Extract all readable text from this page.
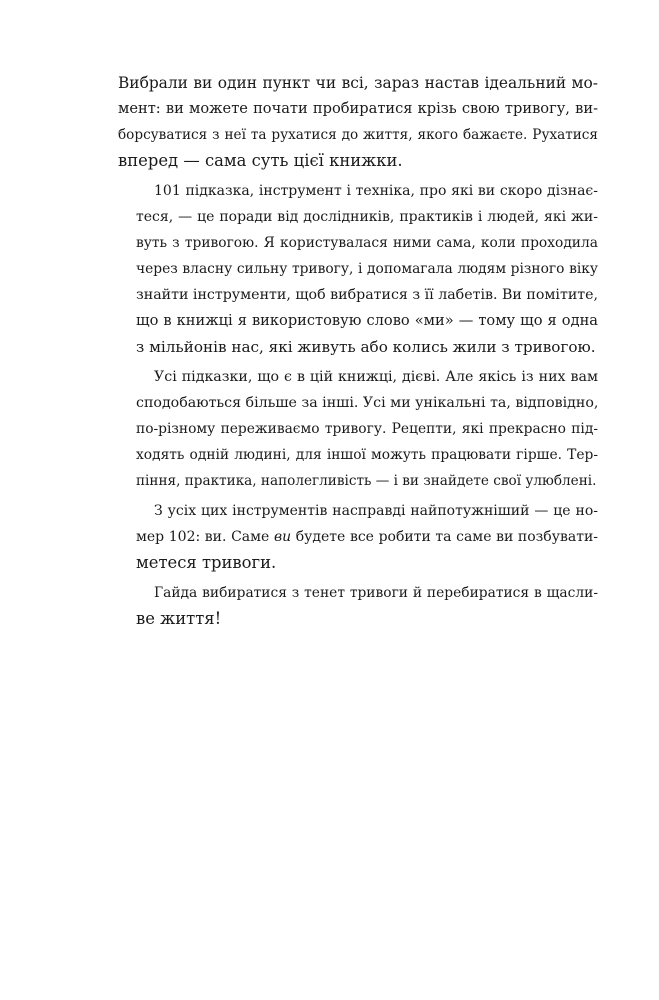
Вибрали ви один пункт чи всі, зараз настав ідеальний мо-
мент: ви можете почати пробиратися крізь свою тривогу, ви-
борсуватися з неї та рухатися до життя, якого бажаєте. Рухатися
вперед — сама суть цієї книжки.
101 підказка, інструмент і техніка, про які ви скоро дізнає-
теся, — це поради від дослідників, практиків і людей, які жи-
вуть з тривогою. Я користувалася ними сама, коли проходила
через власну сильну тривогу, і допомагала людям різного віку
знайти інструменти, щоб вибратися з її лабетів. Ви помітите,
що в книжці я використовую слово «ми» — тому що я одна
з мільйонів нас, які живуть або колись жили з тривогою.
Усі підказки, що є в цій книжці, дієві. Але якісь із них вам
сподобаються більше за інші. Усі ми унікальні та, відповідно,
по-різному переживаємо тривогу. Рецепти, які прекрасно під-
ходять одній людині, для іншої можуть працювати гірше. Тер-
піння, практика, наполегливість — і ви знайдете свої улюблені.
З усіх цих інструментів насправді найпотужніший — це но-
мер 102: ви. Саме ви будете все робити та саме ви позбувати-
метеся тривоги.
Гайда вибиратися з тенет тривоги й перебиратися в щасли-
ве життя!
